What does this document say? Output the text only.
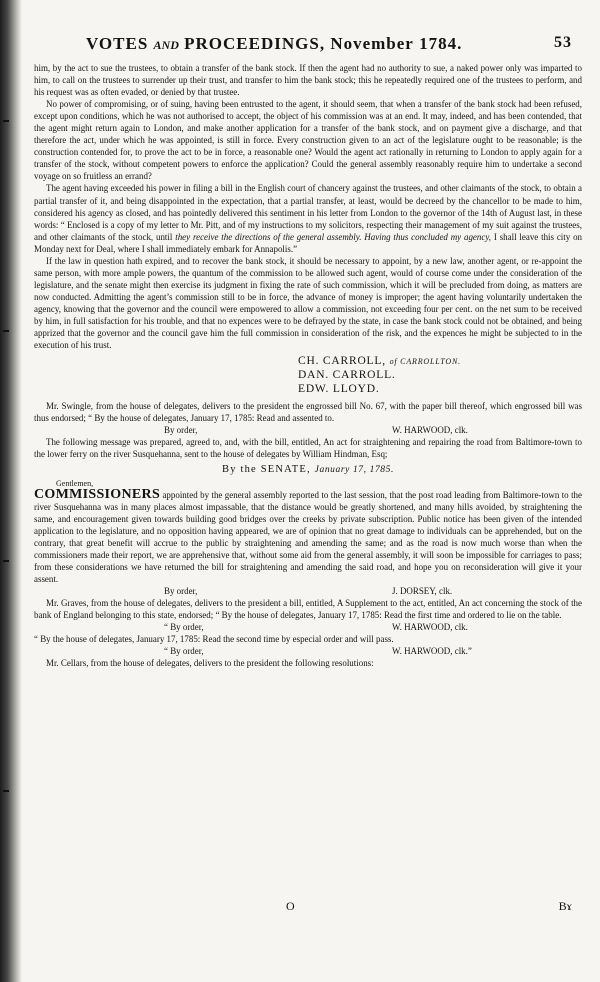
VOTES AND PROCEEDINGS, November 1784.	53

him, by the act to sue the trustees, to obtain a transfer of the bank stock. If then the agent had no authority to sue, a naked power only was imparted to him, to call on the trustees to surrender up their trust, and transfer to him the bank stock; this he repeatedly required one of the trustees to perform, and his request was as often evaded, or denied by that trustee.

No power of compromising, or of suing, having been entrusted to the agent, it should seem, that when a transfer of the bank stock had been refused, except upon conditions, which he was not authorised to accept, the object of his commission was at an end. It may, indeed, and has been contended, that the agent might return again to London, and make another application for a transfer of the bank stock, and on payment give a discharge, and that therefore the act, under which he was appointed, is still in force. Every construction given to an act of the legislature ought to be reasonable; is the construction contended for, to prove the act to be in force, a reasonable one? Would the agent act rationally in returning to London to apply again for a transfer of the stock, without competent powers to enforce the application? Could the general assembly reasonably require him to undertake a second voyage on so fruitless an errand?

The agent having exceeded his power in filing a bill in the English court of chancery against the trustees, and other claimants of the stock, to obtain a partial transfer of it, and being disappointed in the expectation, that a partial transfer, at least, would be decreed by the chancellor to be made to him, considered his agency as closed, and has pointedly delivered this sentiment in his letter from London to the governor of the 14th of August last, in these words: “ Enclosed is a copy of my letter to Mr. Pitt, and of my instructions to my solicitors, respecting their management of my suit against the trustees, and other claimants of the stock, until they receive the directions of the general assembly. Having thus concluded my agency, I shall leave this city on Monday next for Deal, where I shall immediately embark for Annapolis.”

If the law in question hath expired, and to recover the bank stock, it should be necessary to appoint, by a new law, another agent, or re-appoint the same person, with more ample powers, the quantum of the commission to be allowed such agent, would of course come under the consideration of the legislature, and the senate might then exercise its judgment in fixing the rate of such commission, which it will be precluded from doing, as matters are now conducted. Admitting the agent’s commission still to be in force, the advance of money is improper; the agent having voluntarily undertaken the agency, knowing that the governor and the council were empowered to allow a commission, not exceeding four per cent. on the net sum to be received by him, in full satisfaction for his trouble, and that no expences were to be defrayed by the state, in case the bank stock could not be obtained, and being apprized that the governor and the council gave him the full commission in consideration of the risk, and the expences he might be subjected to in the execution of his trust.

CH. CARROLL, of CARROLLTON.
DAN. CARROLL.
EDW. LLOYD.

Mr. Swingle, from the house of delegates, delivers to the president the engrossed bill No. 67, with the paper bill thereof, which engrossed bill was thus endorsed; “ By the house of delegates, January 17, 1785: Read and assented to.

By order,	W. HARWOOD, clk.

The following message was prepared, agreed to, and, with the bill, entitled, An act for straightening and repairing the road from Baltimore-town to the lower ferry on the river Susquehanna, sent to the house of delegates by William Hindman, Esq;

By the SENATE, January 17, 1785.
Gentlemen,

COMMISSIONERS appointed by the general assembly reported to the last session, that the post road leading from Baltimore-town to the river Susquehanna was in many places almost impassable, that the distance would be greatly shortened, and many hills avoided, by straightening the same, and encouragement given towards building good bridges over the creeks by private subscription. Public notice has been given of the intended application to the legislature, and no opposition having appeared, we are of opinion that no great damage to individuals can be apprehended, but on the contrary, that great benefit will accrue to the public by straightening and amending the same; and as the road is now much worse than when the commissioners made their report, we are apprehensive that, without some aid from the general assembly, it will soon be impossible for carriages to pass; from these considerations we have returned the bill for straightening and amending the said road, and hope you on reconsideration will give it your assent.

By order,	J. DORSEY, clk.

Mr. Graves, from the house of delegates, delivers to the president a bill, entitled, A Supplement to the act, entitled, An act concerning the stock of the bank of England belonging to this state, endorsed; “ By the house of delegates, January 17, 1785: Read the first time and ordered to lie on the table.

“ By order,	W. HARWOOD, clk.

“ By the house of delegates, January 17, 1785: Read the second time by especial order and will pass.

“ By order,	W. HARWOOD, clk.”

Mr. Cellars, from the house of delegates, delivers to the president the following resolutions:

O	Bɤ
